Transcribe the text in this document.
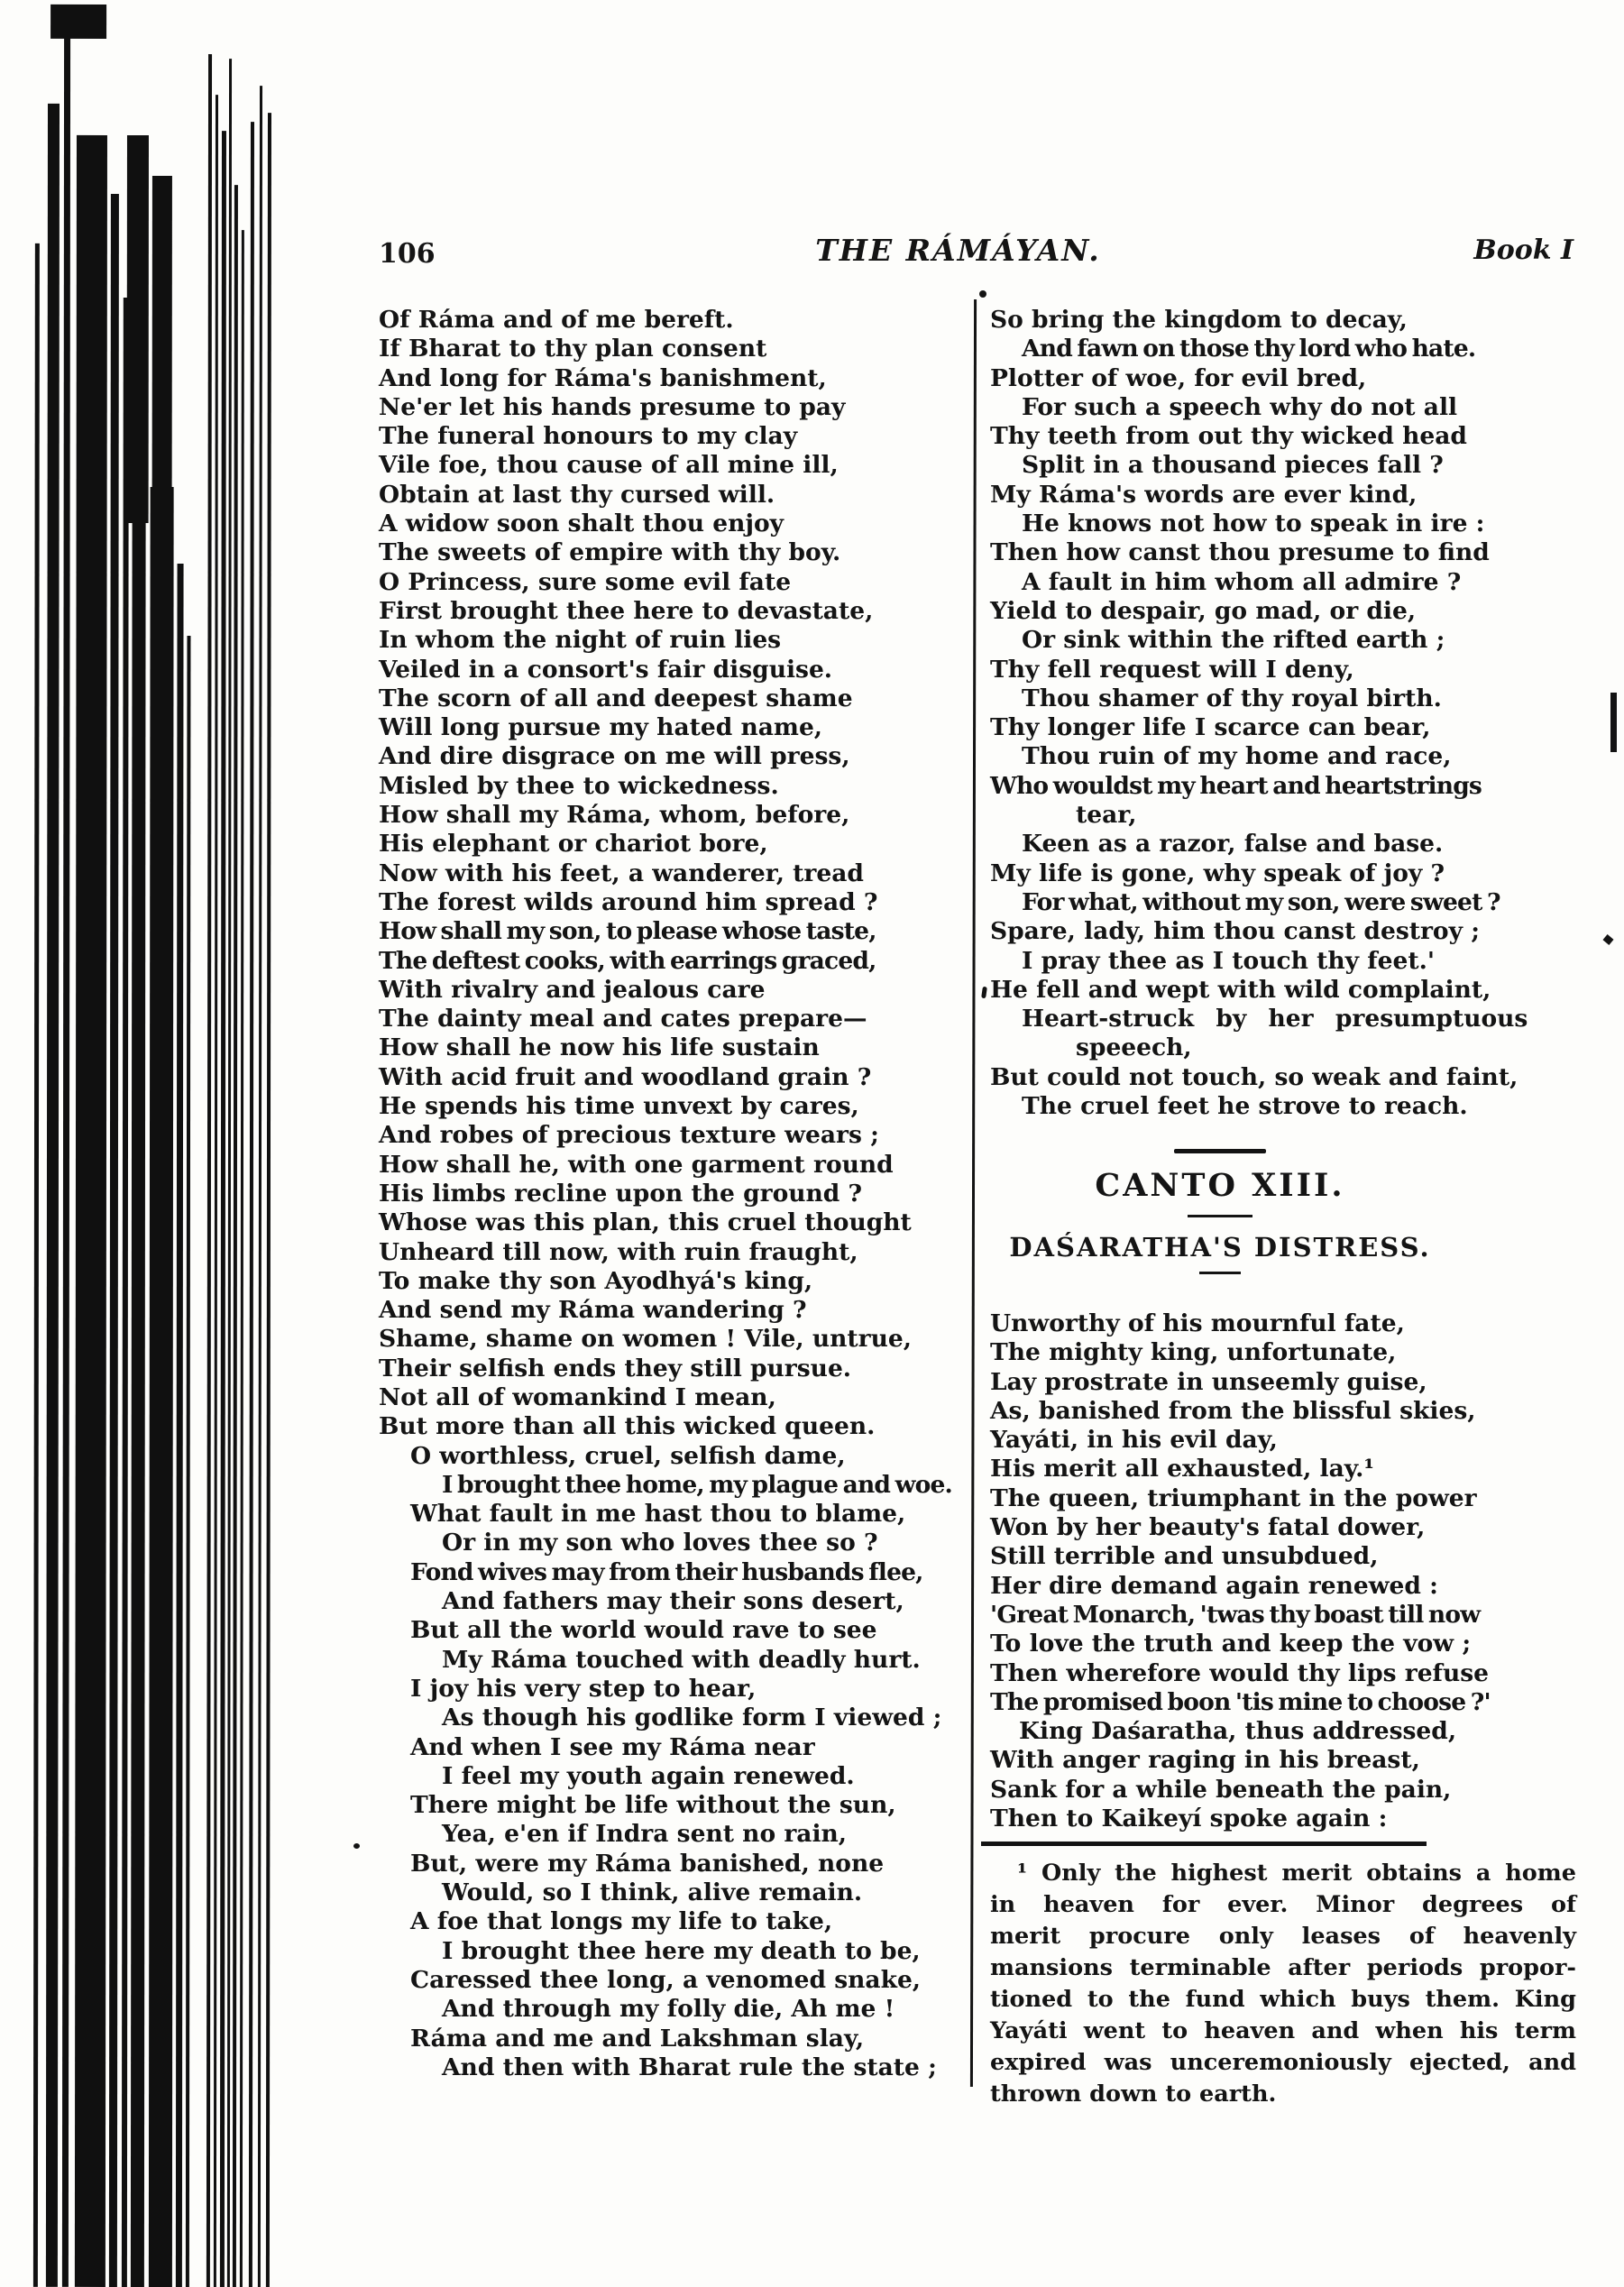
106	THE RÁMÁYAN.	Book I
Of Ráma and of me bereft.
If Bharat to thy plan consent
And long for Ráma's banishment,
Ne'er let his hands presume to pay
The funeral honours to my clay
Vile foe, thou cause of all mine ill,
Obtain at last thy cursed will.
A widow soon shalt thou enjoy
The sweets of empire with thy boy.
O Princess, sure some evil fate
First brought thee here to devastate,
In whom the night of ruin lies
Veiled in a consort's fair disguise.
The scorn of all and deepest shame
Will long pursue my hated name,
And dire disgrace on me will press,
Misled by thee to wickedness.
How shall my Ráma, whom, before,
His elephant or chariot bore,
Now with his feet, a wanderer, tread
The forest wilds around him spread ?
How shall my son, to please whose taste,
The deftest cooks, with earrings graced,
With rivalry and jealous care
The dainty meal and cates prepare—
How shall he now his life sustain
With acid fruit and woodland grain ?
He spends his time unvext by cares,
And robes of precious texture wears ;
How shall he, with one garment round
His limbs recline upon the ground ?
Whose was this plan, this cruel thought
Unheard till now, with ruin fraught,
To make thy son Ayodhyá's king,
And send my Ráma wandering ?
Shame, shame on women ! Vile, untrue,
Their selfish ends they still pursue.
Not all of womankind I mean,
But more than all this wicked queen.
O worthless, cruel, selfish dame,
I brought thee home, my plague and woe.
What fault in me hast thou to blame,
Or in my son who loves thee so ?
Fond wives may from their husbands flee,
And fathers may their sons desert,
But all the world would rave to see
My Ráma touched with deadly hurt.
I joy his very step to hear,
As though his godlike form I viewed ;
And when I see my Ráma near
I feel my youth again renewed.
There might be life without the sun,
Yea, e'en if Indra sent no rain,
But, were my Ráma banished, none
Would, so I think, alive remain.
A foe that longs my life to take,
I brought thee here my death to be,
Caressed thee long, a venomed snake,
And through my folly die, Ah me !
Ráma and me and Lakshman slay,
And then with Bharat rule the state ;
So bring the kingdom to decay,
And fawn on those thy lord who hate.
Plotter of woe, for evil bred,
For such a speech why do not all
Thy teeth from out thy wicked head
Split in a thousand pieces fall ?
My Ráma's words are ever kind,
He knows not how to speak in ire :
Then how canst thou presume to find
A fault in him whom all admire ?
Yield to despair, go mad, or die,
Or sink within the rifted earth ;
Thy fell request will I deny,
Thou shamer of thy royal birth.
Thy longer life I scarce can bear,
Thou ruin of my home and race,
Who wouldst my heart and heartstrings
tear,
Keen as a razor, false and base.
My life is gone, why speak of joy ?
For what, without my son, were sweet ?
Spare, lady, him thou canst destroy ;
I pray thee as I touch thy feet.'
He fell and wept with wild complaint,
Heart-struck by her presumptuous
speeech,
But could not touch, so weak and faint,
The cruel feet he strove to reach.
CANTO XIII.
DAŚARATHA'S DISTRESS.
Unworthy of his mournful fate,
The mighty king, unfortunate,
Lay prostrate in unseemly guise,
As, banished from the blissful skies,
Yayáti, in his evil day,
His merit all exhausted, lay.¹
The queen, triumphant in the power
Won by her beauty's fatal dower,
Still terrible and unsubdued,
Her dire demand again renewed :
'Great Monarch, 'twas thy boast till now
To love the truth and keep the vow ;
Then wherefore would thy lips refuse
The promised boon 'tis mine to choose ?'
King Daśaratha, thus addressed,
With anger raging in his breast,
Sank for a while beneath the pain,
Then to Kaikeyí spoke again :
¹ Only the highest merit obtains a home
in heaven for ever. Minor degrees of
merit procure only leases of heavenly
mansions terminable after periods propor-
tioned to the fund which buys them. King
Yayáti went to heaven and when his term
expired was unceremoniously ejected, and
thrown down to earth.
